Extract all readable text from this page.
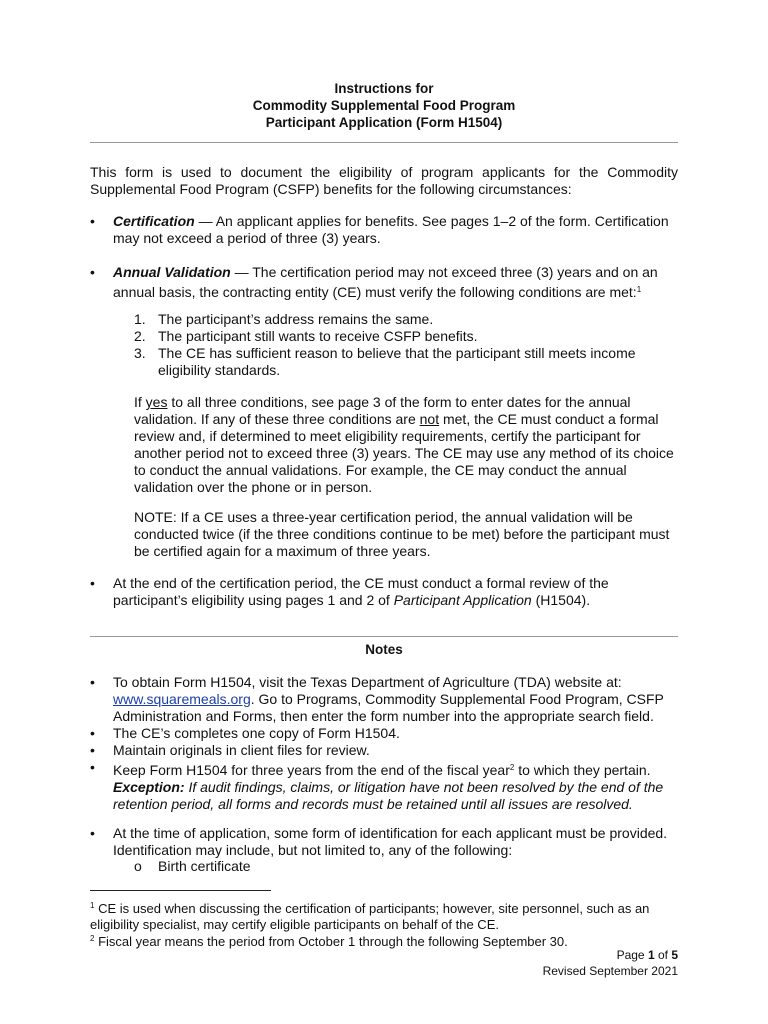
Instructions for
Commodity Supplemental Food Program
Participant Application (Form H1504)
This form is used to document the eligibility of program applicants for the Commodity Supplemental Food Program (CSFP) benefits for the following circumstances:
•	Certification — An applicant applies for benefits. See pages 1–2 of the form. Certification may not exceed a period of three (3) years.
•	Annual Validation — The certification period may not exceed three (3) years and on an annual basis, the contracting entity (CE) must verify the following conditions are met:$^1$
1. The participant’s address remains the same.
2. The participant still wants to receive CSFP benefits.
3. The CE has sufficient reason to believe that the participant still meets income eligibility standards.
If yes to all three conditions, see page 3 of the form to enter dates for the annual validation. If any of these three conditions are not met, the CE must conduct a formal review and, if determined to meet eligibility requirements, certify the participant for another period not to exceed three (3) years. The CE may use any method of its choice to conduct the annual validations. For example, the CE may conduct the annual validation over the phone or in person.
NOTE: If a CE uses a three-year certification period, the annual validation will be conducted twice (if the three conditions continue to be met) before the participant must be certified again for a maximum of three years.
•	At the end of the certification period, the CE must conduct a formal review of the participant’s eligibility using pages 1 and 2 of Participant Application (H1504).
Notes
•	To obtain Form H1504, visit the Texas Department of Agriculture (TDA) website at: www.squaremeals.org. Go to Programs, Commodity Supplemental Food Program, CSFP Administration and Forms, then enter the form number into the appropriate search field.
•	The CE’s completes one copy of Form H1504.
•	Maintain originals in client files for review.
•	Keep Form H1504 for three years from the end of the fiscal year$^2$ to which they pertain.
Exception: If audit findings, claims, or litigation have not been resolved by the end of the retention period, all forms and records must be retained until all issues are resolved.
•	At the time of application, some form of identification for each applicant must be provided. Identification may include, but not limited to, any of the following:
o Birth certificate
$^1$ CE is used when discussing the certification of participants; however, site personnel, such as an eligibility specialist, may certify eligible participants on behalf of the CE.
$^2$ Fiscal year means the period from October 1 through the following September 30.
Page 1 of 5
Revised September 2021
